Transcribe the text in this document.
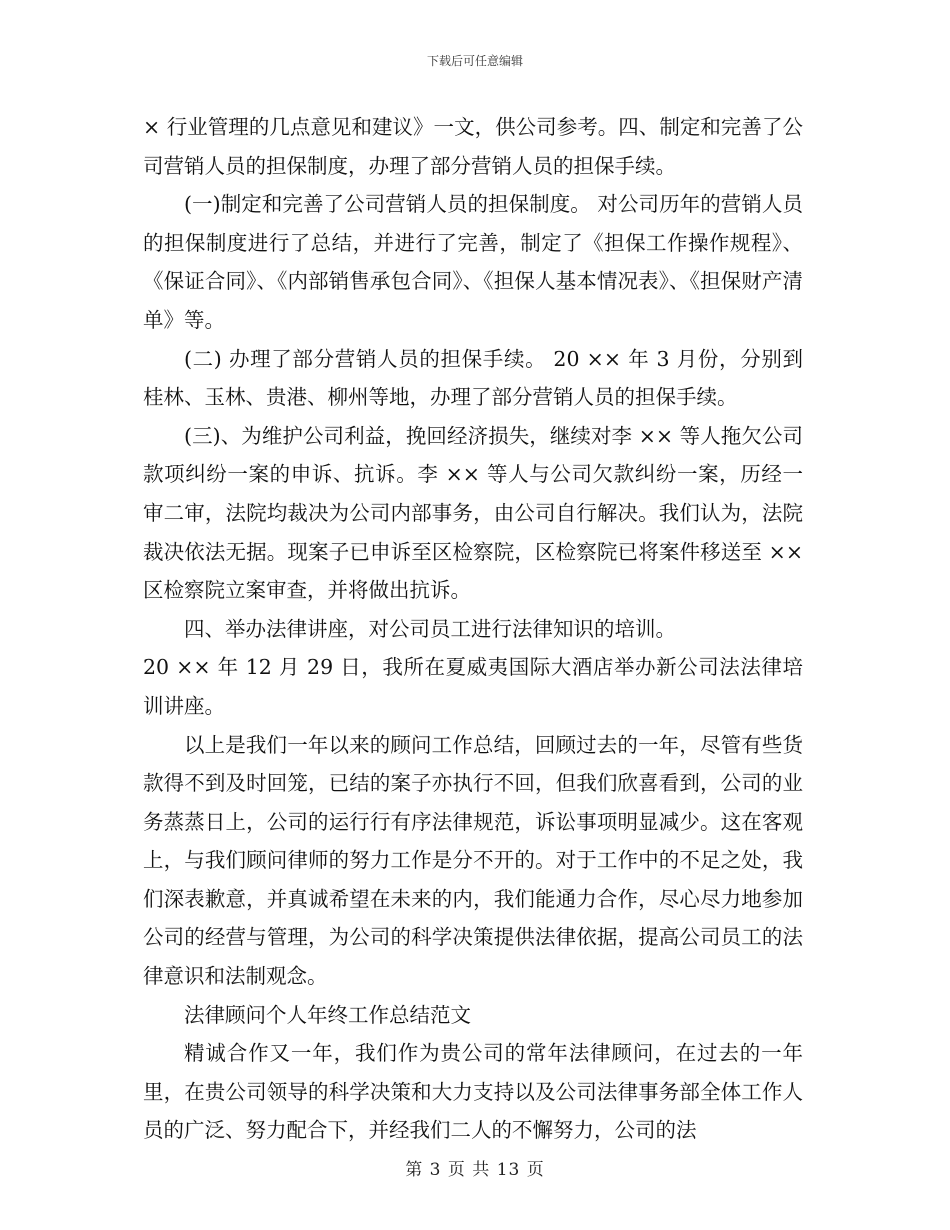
下载后可任意编辑

× 行业管理的几点意见和建议》一文，供公司参考。四、制定和完善了公司营销人员的担保制度，办理了部分营销人员的担保手续。

(一)制定和完善了公司营销人员的担保制度。 对公司历年的营销人员的担保制度进行了总结，并进行了完善，制定了《担保工作操作规程》、《保证合同》、《内部销售承包合同》、《担保人基本情况表》、《担保财产清单》等。

(二) 办理了部分营销人员的担保手续。 20 ×× 年 3 月份，分别到桂林、玉林、贵港、柳州等地，办理了部分营销人员的担保手续。

(三)、为维护公司利益，挽回经济损失，继续对李 ×× 等人拖欠公司款项纠纷一案的申诉、抗诉。李 ×× 等人与公司欠款纠纷一案，历经一审二审，法院均裁决为公司内部事务，由公司自行解决。我们认为，法院裁决依法无据。现案子已申诉至区检察院，区检察院已将案件移送至 ×× 区检察院立案审查，并将做出抗诉。

四、举办法律讲座，对公司员工进行法律知识的培训。

20 ×× 年 12 月 29 日，我所在夏威夷国际大酒店举办新公司法法律培训讲座。

以上是我们一年以来的顾问工作总结，回顾过去的一年，尽管有些货款得不到及时回笼，已结的案子亦执行不回，但我们欣喜看到，公司的业务蒸蒸日上，公司的运行行有序法律规范，诉讼事项明显减少。这在客观上，与我们顾问律师的努力工作是分不开的。对于工作中的不足之处，我们深表歉意，并真诚希望在未来的内，我们能通力合作，尽心尽力地参加公司的经营与管理，为公司的科学决策提供法律依据，提高公司员工的法律意识和法制观念。

法律顾问个人年终工作总结范文

精诚合作又一年，我们作为贵公司的常年法律顾问，在过去的一年里，在贵公司领导的科学决策和大力支持以及公司法律事务部全体工作人员的广泛、努力配合下，并经我们二人的不懈努力，公司的法

第 3 页 共 13 页
